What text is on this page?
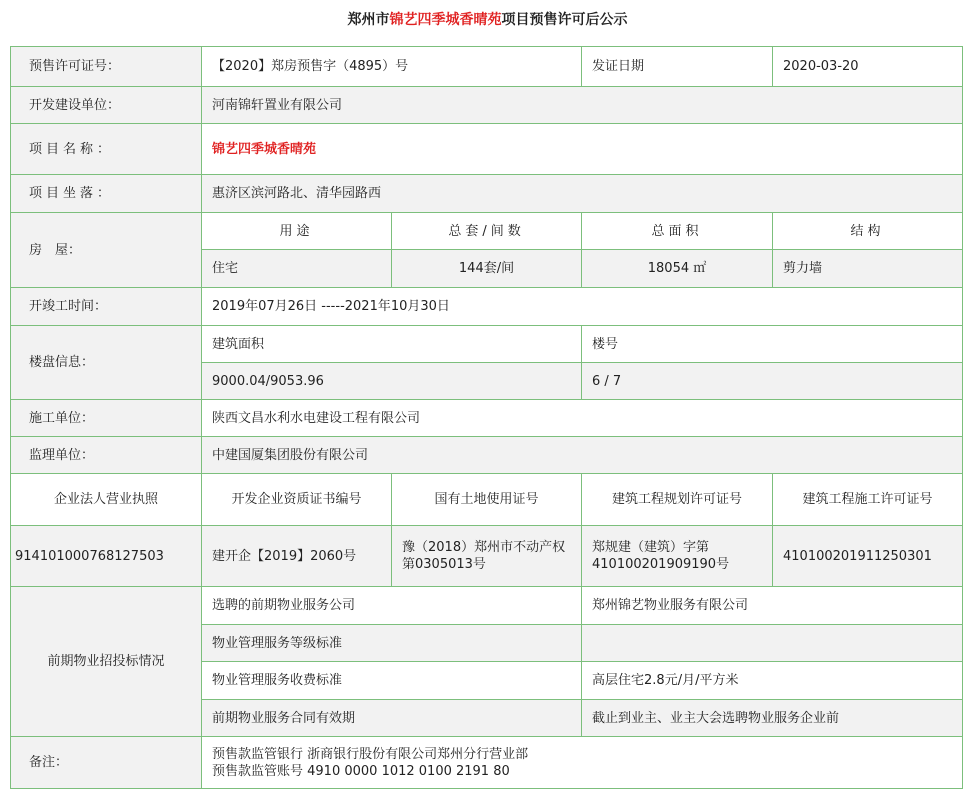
郑州市锦艺四季城香晴苑项目预售许可后公示
预售许可证号：	【2020】郑房预售字（4895）号		发证日期	2020-03-20
开发建设单位：	河南锦轩置业有限公司			
项目名称：	锦艺四季城香晴苑			
项目坐落：	惠济区滨河路北、清华园路西			
房　屋：	用途	总套/间数	总面积	结构
	住宅	144套/间	18054 ㎡	剪力墙
开竣工时间：	2019年07月26日 -----2021年10月30日			
楼盘信息：	建筑面积		楼号	
	9000.04/9053.96		6 / 7	
施工单位：	陕西文昌水利水电建设工程有限公司			
监理单位：	中建国厦集团股份有限公司			
企业法人营业执照	开发企业资质证书编号	国有土地使用证号	建筑工程规划许可证号	建筑工程施工许可证号
914101000768127503	建开企【2019】2060号	豫（2018）郑州市不动产权第0305013号	郑规建（建筑）字第410100201909190号	410100201911250301
前期物业招投标情况	选聘的前期物业服务公司		郑州锦艺物业服务有限公司	
	物业管理服务等级标准			
	物业管理服务收费标准		高层住宅2.8元/月/平方米	
	前期物业服务合同有效期		截止到业主、业主大会选聘物业服务企业前	
备注：	预售款监管银行 浙商银行股份有限公司郑州分行营业部
预售款监管账号 4910 0000 1012 0100 2191 80			
